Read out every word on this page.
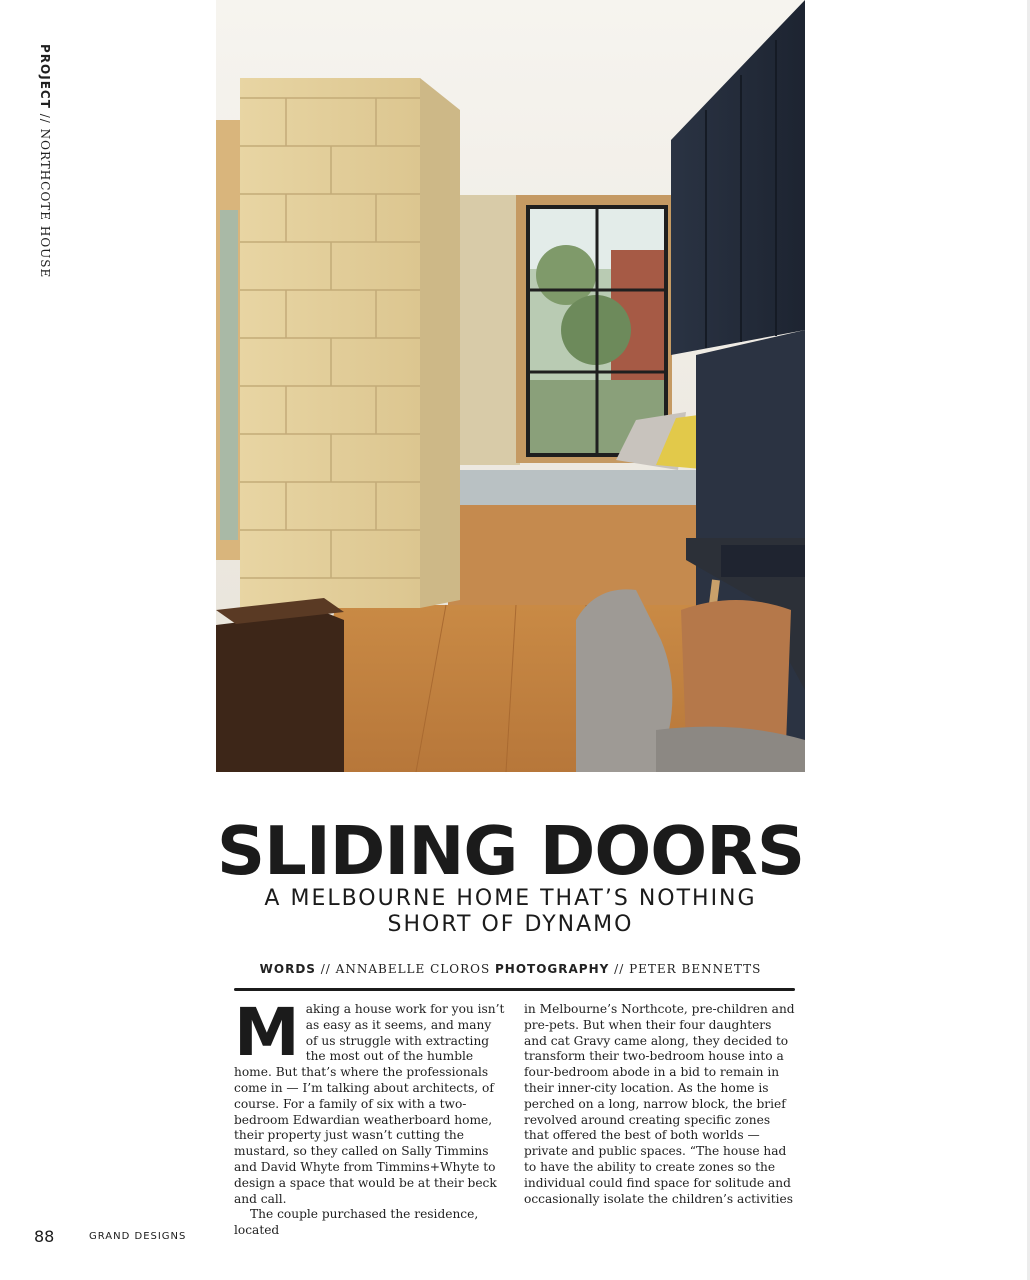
PROJECT // NORTHCOTE HOUSE
SLIDING DOORS
A MELBOURNE HOME THAT’S NOTHING
SHORT OF DYNAMO
WORDS // ANNABELLE CLOROS PHOTOGRAPHY // PETER BENNETTS

Making a house work for you isn’t as easy as it seems, and many of us struggle with extracting the most out of the humble home. But that’s where the professionals come in — I’m talking about architects, of course. For a family of six with a two-bedroom Edwardian weatherboard home, their property just wasn’t cutting the mustard, so they called on Sally Timmins and David Whyte from Timmins+Whyte to design a space that would be at their beck and call.

The couple purchased the residence, located

in Melbourne’s Northcote, pre-children and pre-pets. But when their four daughters and cat Gravy came along, they decided to transform their two-bedroom house into a four-bedroom abode in a bid to remain in their inner-city location. As the home is perched on a long, narrow block, the brief revolved around creating specific zones that offered the best of both worlds — private and public spaces. “The house had to have the ability to create zones so the individual could find space for solitude and occasionally isolate the children’s activities

88	GRAND DESIGNS
